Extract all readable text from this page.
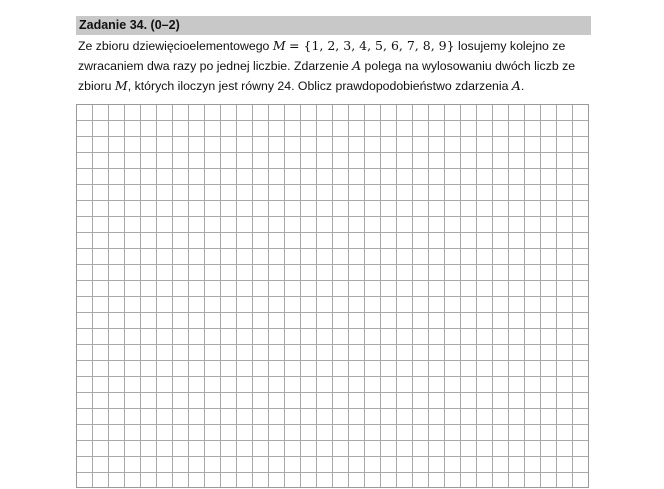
Zadanie 34. (0–2)
Ze zbioru dziewięcioelementowego M = {1, 2, 3, 4, 5, 6, 7, 8, 9} losujemy kolejno ze
zwracaniem dwa razy po jednej liczbie. Zdarzenie A polega na wylosowaniu dwóch liczb ze
zbioru M, których iloczyn jest równy 24. Oblicz prawdopodobieństwo zdarzenia A.
